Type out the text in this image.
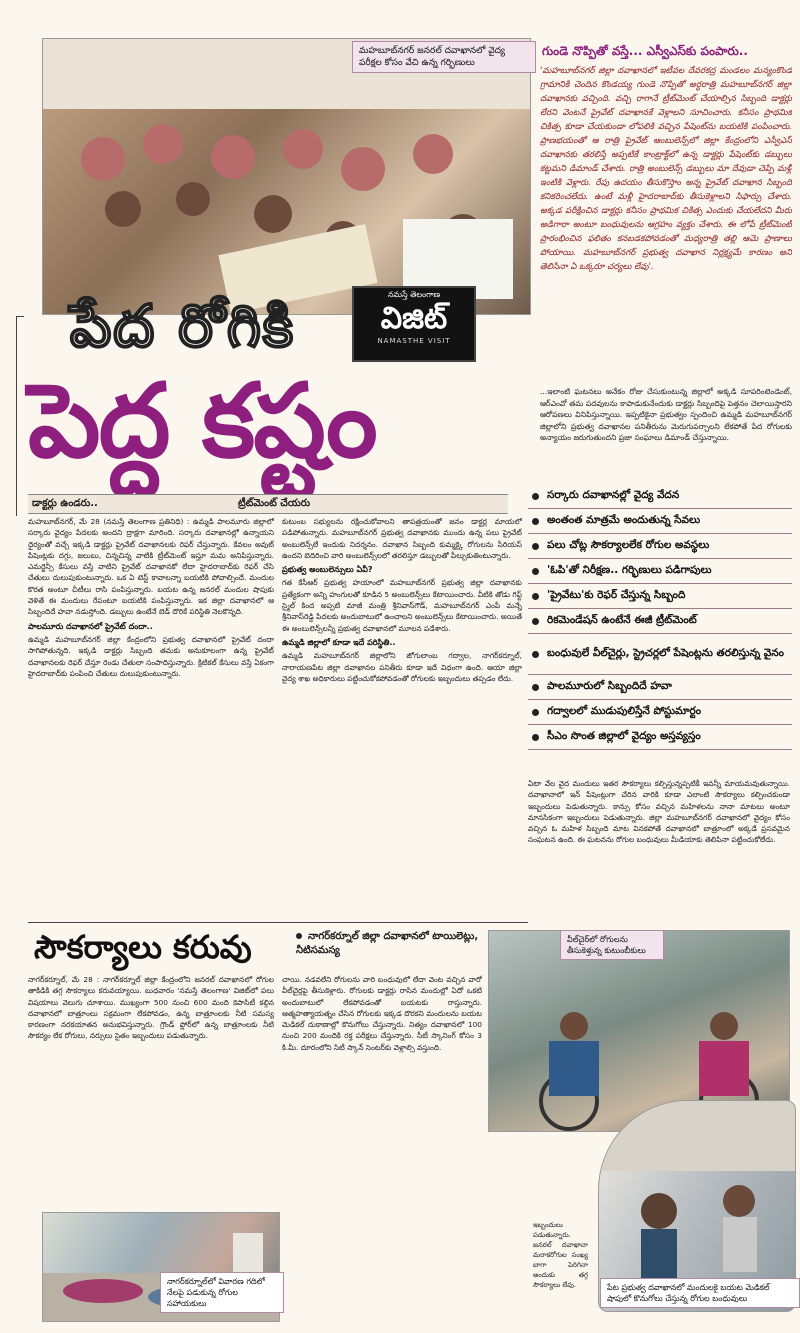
మహబూబ్‌నగర్ జనరల్ దవాఖానలో వైద్య పరీక్షల కోసం వేచి ఉన్న గర్భిణులు
గుండె నొప్పితో వస్తే... ఎస్వీఎస్‌కు పంపారు..
'మహబూబ్‌నగర్ జిల్లా దవాఖానలో ఇటీవల దేవరకద్ర మండలం మన్యంకొండ గ్రామానికి చెందిన కొండయ్య గుండె నొప్పితో అర్ధరాత్రి మహబూబ్‌నగర్ జిల్లా దవాఖానకు వచ్చింది. వచ్చి రాగానే ట్రీట్‌మెంట్ చేయాల్సిన సిబ్బంది డాక్టర్లు లేరని వెంటనే ప్రైవేట్ దవాఖానకే వెళ్లాలని సూచించారు. కనీసం ప్రాథమిక చికిత్స కూడా చేయకుండా లోపలికి వచ్చిన పేషెంట్‌ను బయటికి పంపించారు. ప్రాణభయంతో ఆ రాత్రి ప్రైవేట్ ఆంబులెన్స్‌లో జిల్లా కేంద్రంలోని ఎస్వీఎస్ దవాఖానకు తరలిస్తే అప్పటికే కాంట్రాక్ట్‌లో ఉన్న డాక్టర్లు పేషెంట్‌కు డబ్బులు కట్టమని డిమాండ్ చేశారు. రాత్రి అంబులెన్స్ డబ్బులు మా దేవుడా చెప్పి మళ్లీ ఇంటికి వెళ్లారు. రేపు ఉదయం తీసుకొస్తాం అన్న ప్రైవేట్ దవాఖాన సిబ్బంది కనికరించలేదు. ఉంటే మళ్లీ హైదరాబాద్‌కు తీసుకెళ్లాలని సిఫార్సు చేశారు. అక్కడ పరీక్షించిన డాక్టర్లు కనీసం ప్రాథమిక చికిత్స ఎందుకు చేయలేదని మీరు అడిగారా అంటూ బంధువులను ఆగ్రహం వ్యక్తం చేశారు. ఈ లోపే ట్రీట్‌మెంట్ ప్రారంభించిన ఫలితం కనబడకపోవడంతో మధ్యరాత్రి తల్లి ఆమె ప్రాణాలు పోయాయి. మహబూబ్‌నగర్ ప్రభుత్వ దవాఖాన నిర్లక్ష్యమే కారణం అని తెలిసినా ఏ ఒక్కరూ చర్యలు లేవు'.
...ఇలాంటి ఘటనలు అనేకం రోజు చేసుకుంటున్న జిల్లాలో అక్కడి సూపరింటెండెంట్, ఆర్‌ఎంవో తమ పదవులను కాపాడుకునేందుకు డాక్టర్లు సిబ్బందిపై పెత్తనం చెలాయిస్తారని ఆరోపణలు వినిపిస్తున్నాయి. ఇప్పటికైనా ప్రభుత్వం స్పందించి ఉమ్మడి మహబూబ్‌నగర్ జిల్లాలోని ప్రభుత్వ దవాఖానల పనితీరును మెరుగుపర్చాలని లేకపోతే పేద రోగులకు అన్యాయం జరుగుతుందని ప్రజా సంఘాలు డిమాండ్ చేస్తున్నాయి.
నమస్తే తెలంగాణ
విజిట్
NAMASTHE VISIT
పేద రోగికి
పెద్ద కష్టం
డాక్టర్లు ఉండరు..	ట్రీట్‌మెంట్ చేయరు
సర్కారు దవాఖానల్లో వైద్య వేదన
అంతంత మాత్రమే అందుతున్న సేవలు
పలు చోట్ల సౌకర్యాలలేక రోగుల అవస్థలు
'ఓపి'తో నిరీక్షణ.. గర్భిణులు పడిగాపులు
'ప్రైవేటు'కు రెఫర్ చేస్తున్న సిబ్బంది
రికమెండేషన్ ఉంటేనే ఈజీ ట్రీట్‌మెంట్
బంధువులే వీల్‌చైర్లు, స్ట్రెచర్లలో పేషెంట్లను తరలిస్తున్న వైనం
పాలమూరులో సిబ్బందిదే హవా
గద్వాలలో ముడుపులిస్తేనే పోస్టుమార్టం
సీఎం సొంత జిల్లాలో వైద్యం అస్తవ్యస్తం

మహబూబ్‌నగర్, మే 28 (నమస్తే తెలంగాణ ప్రతినిధి) : ఉమ్మడి పాలమూరు జిల్లాలో సర్కారు వైద్యం పేదలకు అందని ద్రాక్షగా మారింది. సర్కారు దవాఖానల్లో ఉన్నాయని ధైర్యంతో వచ్చే ఇక్కడి డాక్టర్లు ప్రైవేట్ దవాఖానలకు రెఫర్ చేస్తున్నారు. కేవలం అవుట్ పేషెంట్లకు దగ్గు, జలుబు, చిన్నచిన్న వాటికి ట్రీట్‌మెంట్ ఇస్తూ మమ అనిపిస్తున్నారు. ఎమర్జెన్సీ కేసులు వస్తే వాటిని ప్రైవేట్ దవాఖానకో లేదా హైదరాబాద్‌కు రెఫర్ చేసి చేతులు దులుపుకుంటున్నారు. ఒక ఏ టెస్ట్ కావాలన్నా బయటికి పోవాల్సిందే. మందుల కొరత అంటూ చీటీలు రాసి పంపిస్తున్నారు. బయట ఉన్న జనరల్ మందుల షాపుకు వెళితే ఈ మందులు రేపంటూ బయటికి పంపిస్తున్నారు. ఇక జిల్లా దవాఖానలో ఆ సిబ్బందిదే హవా నడుస్తోంది. డబ్బులు ఉంటేనే బెడ్ దొరికే పరిస్థితి నెలకొన్నది.

పాలమూరు దవాఖానలో ప్రైవేట్ దందా..

ఉమ్మడి మహబూబ్‌నగర్ జిల్లా కేంద్రంలోని ప్రభుత్వ దవాఖానలో ప్రైవేట్ దందా సాగిపోతున్నది. ఇక్కడి డాక్టర్లు సిబ్బంది తమకు అనుకూలంగా ఉన్న ప్రైవేట్ దవాఖానలకు రెఫర్ చేస్తూ రెండు చేతులా సంపాదిస్తున్నారు. క్రిటికల్ కేసులు వస్తే ఏకంగా హైదరాబాద్‌కు పంపించి చేతులు దులుపుకుంటున్నారు.

కుటుంబ సభ్యులను రక్షించుకోవాలని తాపత్రయంతో జనం డాక్టర్ల మాయలో పడిపోతున్నారు. మహబూబ్‌నగర్ ప్రభుత్వ దవాఖానకు ముందు ఉన్న పలు ప్రైవేట్ అంబులెన్స్‌లే ఇందుకు నిదర్శనం. దవాఖాన సిబ్బంది కుమ్మక్కై రోగులను సీరియస్ ఉందని బెదిరించి వారి అంబులెన్స్‌లలో తరలిస్తూ డబ్బులతో పీల్చుకుతింటున్నారు.

ప్రభుత్వ అంబులెన్సులు ఏవీ?

గత కేసీఆర్ ప్రభుత్వ హయాంలో మహబూబ్‌నగర్ ప్రభుత్వ జిల్లా దవాఖానకు ప్రత్యేకంగా అన్ని హంగులతో కూడిన 5 అంబులెన్స్‌లు కేటాయించారు. వీటికి తోడు గిఫ్ట్ స్మైల్ కింద అప్పటి మాజీ మంత్రి శ్రీనివాస్‌గౌడ్, మహబూబ్‌నగర్ ఎంపీ మన్నే శ్రీనివాస్‌రెడ్డి పేదలకు అందుబాటులో ఉంచాలని అంబులెన్స్‌లు కేటాయించారు. అయితే ఈ అంబులెన్స్‌లన్నీ ప్రభుత్వ దవాఖానలో మూలన పడేశారు.

ఉమ్మడి జిల్లాలో కూడా ఇదే పరిస్థితి..

ఉమ్మడి మహబూబ్‌నగర్ జిల్లాలోని జోగులాంబ గద్వాల, నాగర్‌కర్నూల్, నారాయణపేట జిల్లా దవాఖానల పనితీరు కూడా ఇదే విధంగా ఉంది. ఆయా జిల్లా వైద్య శాఖ అధికారులు పట్టించుకోకపోవడంతో రోగులకు ఇబ్బందులు తప్పడం లేదు.

ఏటా వేల వైద మందులు ఇతర సౌకర్యాలు కల్పిస్తున్నప్పటికీ ఇవన్నీ మాయమవుతున్నాయి. దవాఖానాలో ఇన్ పేషెంట్లుగా చేరిన వారికి కూడా ఎలాంటి సౌకర్యాలు కల్పించకుండా ఇబ్బందులు పెడుతున్నారు. కాన్పు కోసం వచ్చిన మహిళలను నానా మాటలు అంటూ మానసికంగా ఇబ్బందులు పెడుతున్నారు. జిల్లా మహబూబ్‌నగర్ దవాఖానలో వైద్యం కోసం వచ్చిన ఓ మహిళ సిబ్బంది మాట వినకపోతే దవాఖానలో బాత్రూంలో అక్కడే ప్రసవమైన సంఘటన ఉంది. ఈ ఘటనను రోగుల బంధువులు మీడియాకు తెలిపినా పట్టించుకోలేదు.
సౌకర్యాలు కరువు	నాగర్‌కర్నూల్ జిల్లా దవాఖానలో టాయిలెట్లు, నీటిసమస్య
నాగర్‌కర్నూల్, మే 28 : నాగర్‌కర్నూల్ జిల్లా కేంద్రంలోని జనరల్ దవాఖానలో రోగుల తాకిడికి తగ్గ సౌకర్యాలు కరువయ్యాయి. బుధవారం 'నమస్తే తెలంగాణ' విజిట్‌లో పలు విషయాలు వెలుగు చూశాయి. ముఖ్యంగా 500 నుంచి 600 మంది కెపాసిటీ కల్గిన దవాఖానలో బాత్రూంలు సక్రమంగా లేకపోవడం, ఉన్న బాత్రూంలకు నీటి సమస్య కారణంగా నరకయాతన అనుభవిస్తున్నారు. గ్రౌండ్ ఫ్లోర్‌లో ఉన్న బాత్రూంలకు నీటి సౌకర్యం లేక రోగులు, నర్సులు సైతం ఇబ్బందులు పడుతున్నారు.
చాయి. నడవలేని రోగులను వారి బంధువులో లేదా వెంట వచ్చిన వారో వీల్‌చైర్లపై తీసుకెళ్లారు. రోగులకు డాక్టర్లు రాసిన మందుల్లో ఏదో ఒకటి అందుబాటులో లేకపోవడంతో బయటకు రాస్తున్నారు. ఆత్మహత్యాయత్నం చేసిన రోగులకు ఇక్కడ దొరకని మందులను బయట మెడికల్ దుకాణాల్లో కొనుగోలు చేస్తున్నారు. నిత్యం దవాఖానలో 100 నుంచి 200 మందికి రక్త పరీక్షలు చేస్తున్నారు. సీటీ స్కానింగ్ కోసం 3 కి.మీ. దూరంలోని సిటీ స్కాన్ సెంటర్‌కు వెళ్లాల్సి వస్తుంది.
ఇబ్బందులు పడుతున్నారు. జనరల్ దవాఖానా మరాకరోగుల సంఖ్య బాగా పెరిగినా అందుకు తగ్గ సౌకర్యాలు లేవు.
వీల్‌చైర్‌లో రోగులను తీసుకెళ్తున్న కుటుంబీకులు
పేట ప్రభుత్వ దవాఖానలో మందులకై బయట మెడికల్ షాపులో కొనుగోలు చేస్తున్న రోగుల బంధువులు
నాగర్‌కర్నూల్‌లో వివారణ గదిలో నేలపై పడుకున్న రోగుల సహాయకులు
